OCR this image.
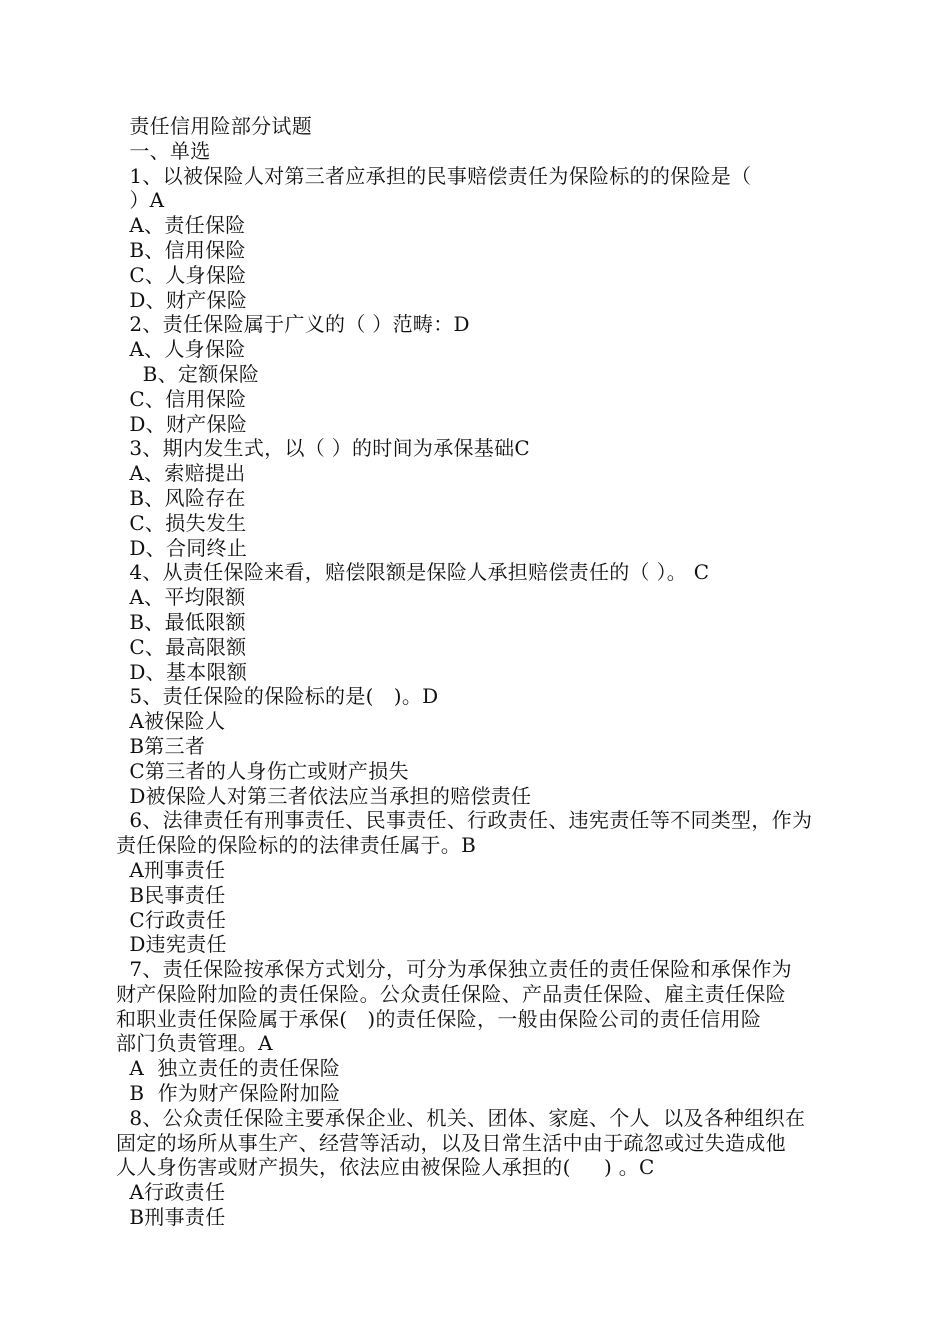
责任信用险部分试题
一、单选
1、以被保险人对第三者应承担的民事赔偿责任为保险标的的保险是（
）A
A、责任保险
B、信用保险
C、人身保险
D、财产保险
2、责任保险属于广义的（ ）范畴：D
A、人身保险
B、定额保险
C、信用保险
D、财产保险
3、期内发生式，以（ ）的时间为承保基础C
A、索赔提出
B、风险存在
C、损失发生
D、合同终止
4、从责任保险来看，赔偿限额是保险人承担赔偿责任的（ ）。 C
A、平均限额
B、最低限额
C、最高限额
D、基本限额
5、责任保险的保险标的是(   )。D
A被保险人
B第三者
C第三者的人身伤亡或财产损失
D被保险人对第三者依法应当承担的赔偿责任
6、法律责任有刑事责任、民事责任、行政责任、违宪责任等不同类型，作为
责任保险的保险标的的法律责任属于。B
A刑事责任
B民事责任
C行政责任
D违宪责任
7、责任保险按承保方式划分，可分为承保独立责任的责任保险和承保作为
财产保险附加险的责任保险。公众责任保险、产品责任保险、雇主责任保险
和职业责任保险属于承保(   )的责任保险，一般由保险公司的责任信用险
部门负责管理。A
A  独立责任的责任保险
B  作为财产保险附加险
8、公众责任保险主要承保企业、机关、团体、家庭、个人  以及各种组织在
固定的场所从事生产、经营等活动，以及日常生活中由于疏忽或过失造成他
人人身伤害或财产损失，依法应由被保险人承担的(     ) 。C
A行政责任
B刑事责任
